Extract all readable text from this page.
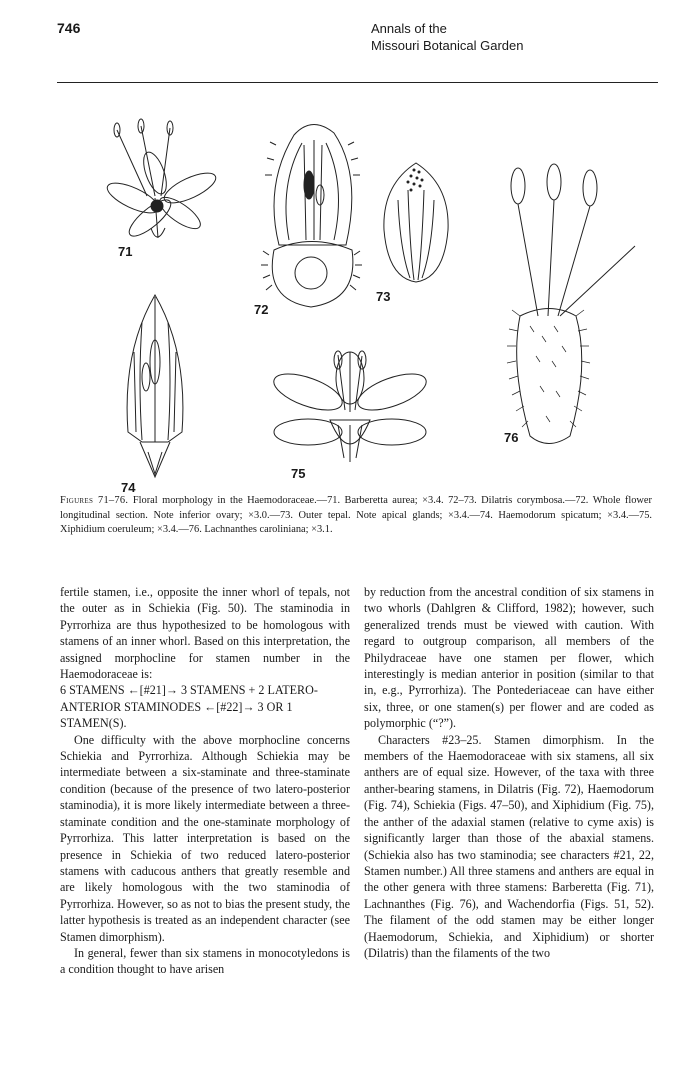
746	Annals of the
Missouri Botanical Garden
71
72
73
74
75
76
Figures 71–76. Floral morphology in the Haemodoraceae.—71. Barberetta aurea; ×3.4. 72–73. Dilatris corymbosa.—72. Whole flower longitudinal section. Note inferior ovary; ×3.0.—73. Outer tepal. Note apical glands; ×3.4.—74. Haemodorum spicatum; ×3.4.—75. Xiphidium coeruleum; ×3.4.—76. Lachnanthes caroliniana; ×3.1.

fertile stamen, i.e., opposite the inner whorl of tepals, not the outer as in Schiekia (Fig. 50). The staminodia in Pyrrorhiza are thus hypothesized to be homologous with stamens of an inner whorl. Based on this interpretation, the assigned morphocline for stamen number in the Haemodoraceae is:

6 STAMENS ←[#21]→ 3 STAMENS + 2 LATERO-ANTERIOR STAMINODES ←[#22]→ 3 OR 1 STAMEN(S).

One difficulty with the above morphocline concerns Schiekia and Pyrrorhiza. Although Schiekia may be intermediate between a six-staminate and three-staminate condition (because of the presence of two latero-posterior staminodia), it is more likely intermediate between a three-staminate condition and the one-staminate morphology of Pyrrorhiza. This latter interpretation is based on the presence in Schiekia of two reduced latero-posterior stamens with caducous anthers that greatly resemble and are likely homologous with the two staminodia of Pyrrorhiza. However, so as not to bias the present study, the latter hypothesis is treated as an independent character (see Stamen dimorphism).

In general, fewer than six stamens in monocotyledons is a condition thought to have arisen

by reduction from the ancestral condition of six stamens in two whorls (Dahlgren & Clifford, 1982); however, such generalized trends must be viewed with caution. With regard to outgroup comparison, all members of the Philydraceae have one stamen per flower, which interestingly is median anterior in position (similar to that in, e.g., Pyrrorhiza). The Pontederiaceae can have either six, three, or one stamen(s) per flower and are coded as polymorphic (“?”).

Characters #23–25. Stamen dimorphism. In the members of the Haemodoraceae with six stamens, all six anthers are of equal size. However, of the taxa with three anther-bearing stamens, in Dilatris (Fig. 72), Haemodorum (Fig. 74), Schiekia (Figs. 47–50), and Xiphidium (Fig. 75), the anther of the adaxial stamen (relative to cyme axis) is significantly larger than those of the abaxial stamens. (Schiekia also has two staminodia; see characters #21, 22, Stamen number.) All three stamens and anthers are equal in the other genera with three stamens: Barberetta (Fig. 71), Lachnanthes (Fig. 76), and Wachendorfia (Figs. 51, 52). The filament of the odd stamen may be either longer (Haemodorum, Schiekia, and Xiphidium) or shorter (Dilatris) than the filaments of the two
